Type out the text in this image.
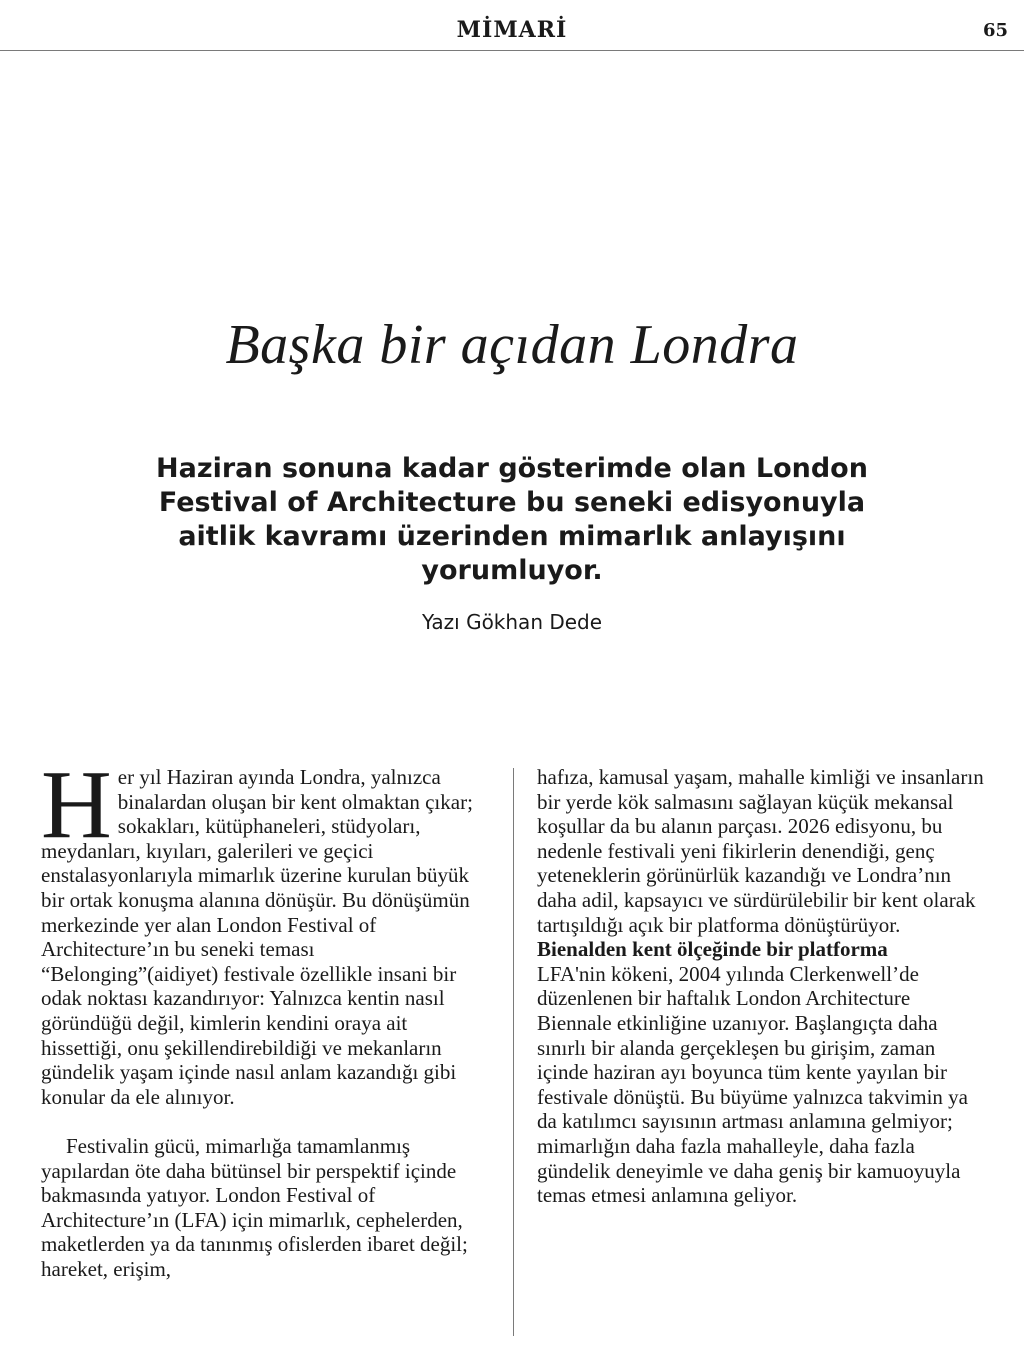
MİMARİ	65
Başka bir açıdan Londra

Haziran sonuna kadar gösterimde olan London Festival of Architecture bu seneki edisyonuyla aitlik kavramı üzerinden mimarlık anlayışını yorumluyor.

Yazı Gökhan Dede

Her yıl Haziran ayında Londra, yalnızca binalardan oluşan bir kent olmaktan çıkar; sokakları, kütüphaneleri, stüdyoları, meydanları, kıyıları, galerileri ve geçici enstalasyonlarıyla mimarlık üzerine kurulan büyük bir ortak konuşma alanına dönüşür. Bu dönüşümün merkezinde yer alan London Festival of Architecture’ın bu seneki teması “Belonging”(aidiyet) festivale özellikle insani bir odak noktası kazandırıyor: Yalnızca kentin nasıl göründüğü değil, kimlerin kendini oraya ait hissettiği, onu şekillendirebildiği ve mekanların gündelik yaşam içinde nasıl anlam kazandığı gibi konular da ele alınıyor.

Festivalin gücü, mimarlığa tamamlanmış yapılardan öte daha bütünsel bir perspektif içinde bakmasında yatıyor. London Festival of Architecture’ın (LFA) için mimarlık, cephelerden, maketlerden ya da tanınmış ofislerden ibaret değil; hareket, erişim,

hafıza, kamusal yaşam, mahalle kimliği ve insanların bir yerde kök salmasını sağlayan küçük mekansal koşullar da bu alanın parçası. 2026 edisyonu, bu nedenle festivali yeni fikirlerin denendiği, genç yeteneklerin görünürlük kazandığı ve Londra’nın daha adil, kapsayıcı ve sürdürülebilir bir kent olarak tartışıldığı açık bir platforma dönüştürüyor.

Bienalden kent ölçeğinde bir platforma

LFA'nin kökeni, 2004 yılında Clerkenwell’de düzenlenen bir haftalık London Architecture Biennale etkinliğine uzanıyor. Başlangıçta daha sınırlı bir alanda gerçekleşen bu girişim, zaman içinde haziran ayı boyunca tüm kente yayılan bir festivale dönüştü. Bu büyüme yalnızca takvimin ya da katılımcı sayısının artması anlamına gelmiyor; mimarlığın daha fazla mahalleyle, daha fazla gündelik deneyimle ve daha geniş bir kamuoyuyla temas etmesi anlamına geliyor.
